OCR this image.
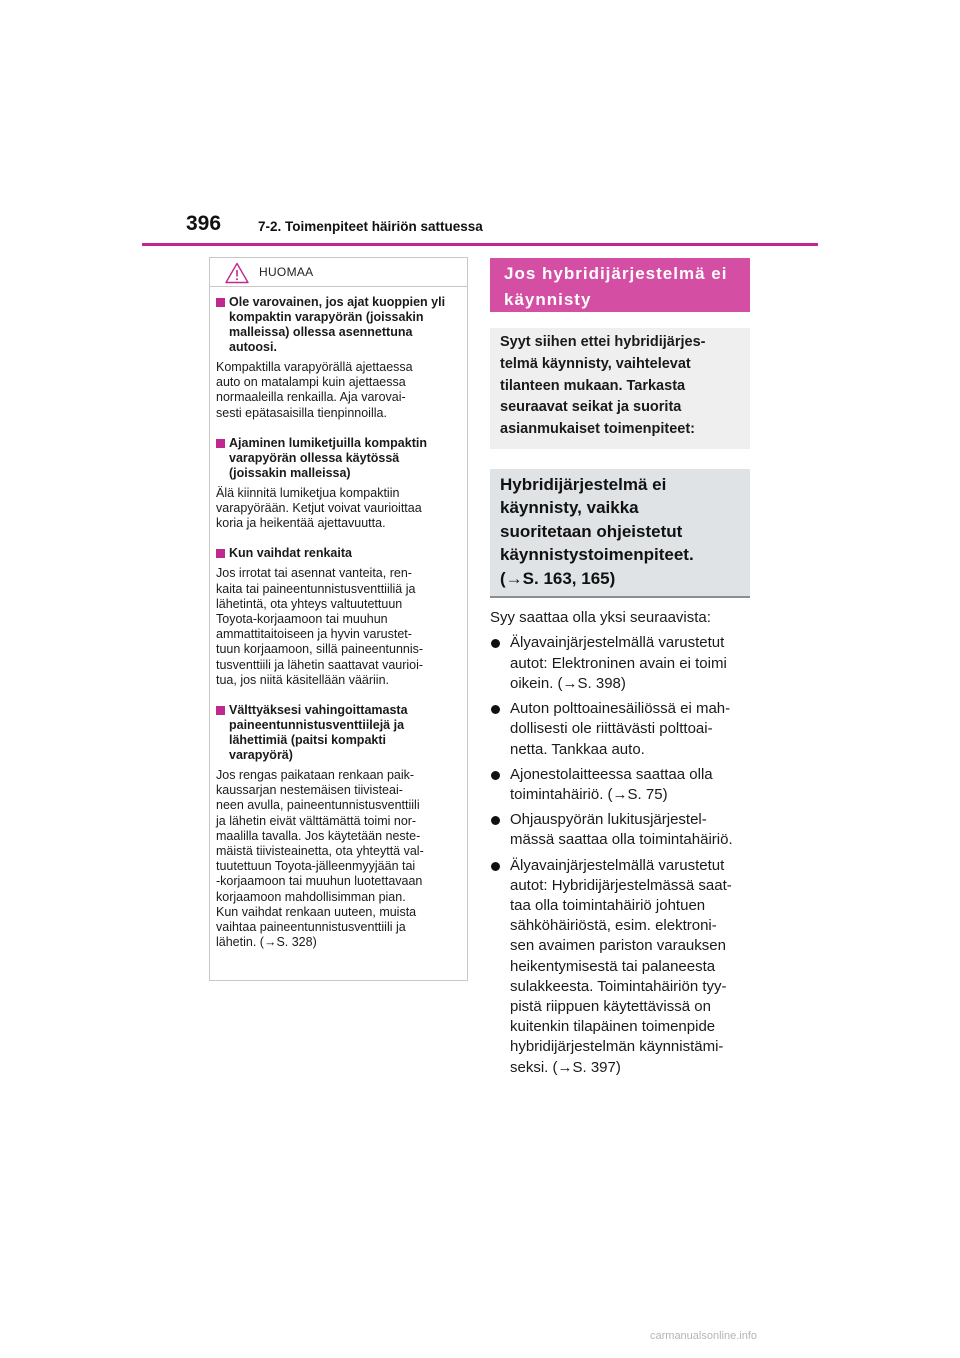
396	7-2. Toimenpiteet häiriön sattuessa
HUOMAA
Ole varovainen, jos ajat kuoppien yli kompaktin varapyörän (joissakin malleissa) ollessa asennettuna autoosi.
Kompaktilla varapyörällä ajettaessa
auto on matalampi kuin ajettaessa
normaaleilla renkailla. Aja varovai-
sesti epätasaisilla tienpinnoilla.
Ajaminen lumiketjuilla kompaktin varapyörän ollessa käytössä (joissakin malleissa)
Älä kiinnitä lumiketjua kompaktiin
varapyörään. Ketjut voivat vaurioittaa
koria ja heikentää ajettavuutta.
Kun vaihdat renkaita
Jos irrotat tai asennat vanteita, ren-
kaita tai paineentunnistusventtiiliä ja
lähetintä, ota yhteys valtuutettuun
Toyota-korjaamoon tai muuhun
ammattitaitoiseen ja hyvin varustet-
tuun korjaamoon, sillä paineentunnis-
tusventtiili ja lähetin saattavat vaurioi-
tua, jos niitä käsitellään vääriin.
Välttyäksesi vahingoittamasta paineentunnistusventtiilejä ja lähettimiä (paitsi kompakti varapyörä)
Jos rengas paikataan renkaan paik-
kaussarjan nestemäisen tiivisteai-
neen avulla, paineentunnistusventtiili
ja lähetin eivät välttämättä toimi nor-
maalilla tavalla. Jos käytetään neste-
mäistä tiivisteainetta, ota yhteyttä val-
tuutettuun Toyota-jälleenmyyjään tai
-korjaamoon tai muuhun luotettavaan
korjaamoon mahdollisimman pian.
Kun vaihdat renkaan uuteen, muista
vaihtaa paineentunnistusventtiili ja
lähetin. (→S. 328)
Jos hybridijärjestelmä ei
käynnisty
Syyt siihen ettei hybridijärjes-
telmä käynnisty, vaihtelevat
tilanteen mukaan. Tarkasta
seuraavat seikat ja suorita
asianmukaiset toimenpiteet:
Hybridijärjestelmä ei
käynnisty, vaikka
suoritetaan ohjeistetut
käynnistystoimenpiteet.
(→S. 163, 165)
Syy saattaa olla yksi seuraavista:
Älyavainjärjestelmällä varustetut
autot: Elektroninen avain ei toimi
oikein. (→S. 398)
Auton polttoainesäiliössä ei mah-
dollisesti ole riittävästi polttoai-
netta. Tankkaa auto.
Ajonestolaitteessa saattaa olla
toimintahäiriö. (→S. 75)
Ohjauspyörän lukitusjärjestel-
mässä saattaa olla toimintahäiriö.
Älyavainjärjestelmällä varustetut
autot: Hybridijärjestelmässä saat-
taa olla toimintahäiriö johtuen
sähköhäiriöstä, esim. elektroni-
sen avaimen pariston varauksen
heikentymisestä tai palaneesta
sulakkeesta. Toimintahäiriön tyy-
pistä riippuen käytettävissä on
kuitenkin tilapäinen toimenpide
hybridijärjestelmän käynnistämi-
seksi. (→S. 397)
carmanualsonline.info
